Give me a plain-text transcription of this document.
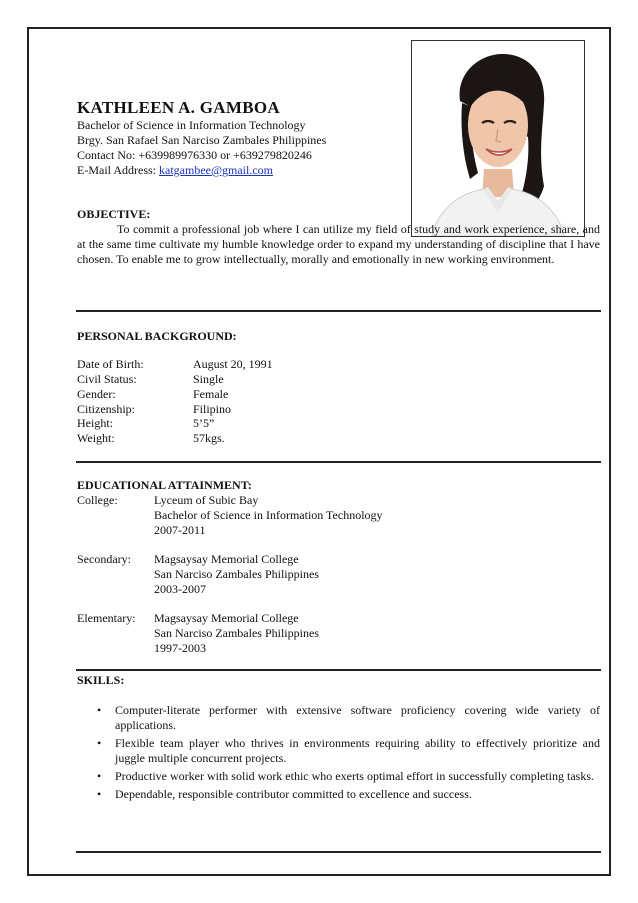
KATHLEEN A. GAMBOA
Bachelor of Science in Information Technology
Brgy. San Rafael San Narciso Zambales Philippines
Contact No: +639989976330 or +639279820246
E-Mail Address: katgambee@gmail.com
OBJECTIVE:
To commit a professional job where I can utilize my field of study and work experience, share, and at the same time cultivate my humble knowledge order to expand my understanding of discipline that I have chosen. To enable me to grow intellectually, morally and emotionally in new working environment.
PERSONAL BACKGROUND:
Date of Birth:	August 20, 1991
Civil Status:	Single
Gender:	Female
Citizenship:	Filipino
Height:	5’5”
Weight:	57kgs.
EDUCATIONAL ATTAINMENT:
College:	Lyceum of Subic Bay
Bachelor of Science in Information Technology
2007-2011
Secondary: Magsaysay Memorial College
San Narciso Zambales Philippines
2003-2007
Elementary: Magsaysay Memorial College
San Narciso Zambales Philippines
1997-2003
SKILLS:
• Computer-literate performer with extensive software proficiency covering wide variety of applications.
• Flexible team player who thrives in environments requiring ability to effectively prioritize and juggle multiple concurrent projects.
• Productive worker with solid work ethic who exerts optimal effort in successfully completing tasks.
• Dependable, responsible contributor committed to excellence and success.
